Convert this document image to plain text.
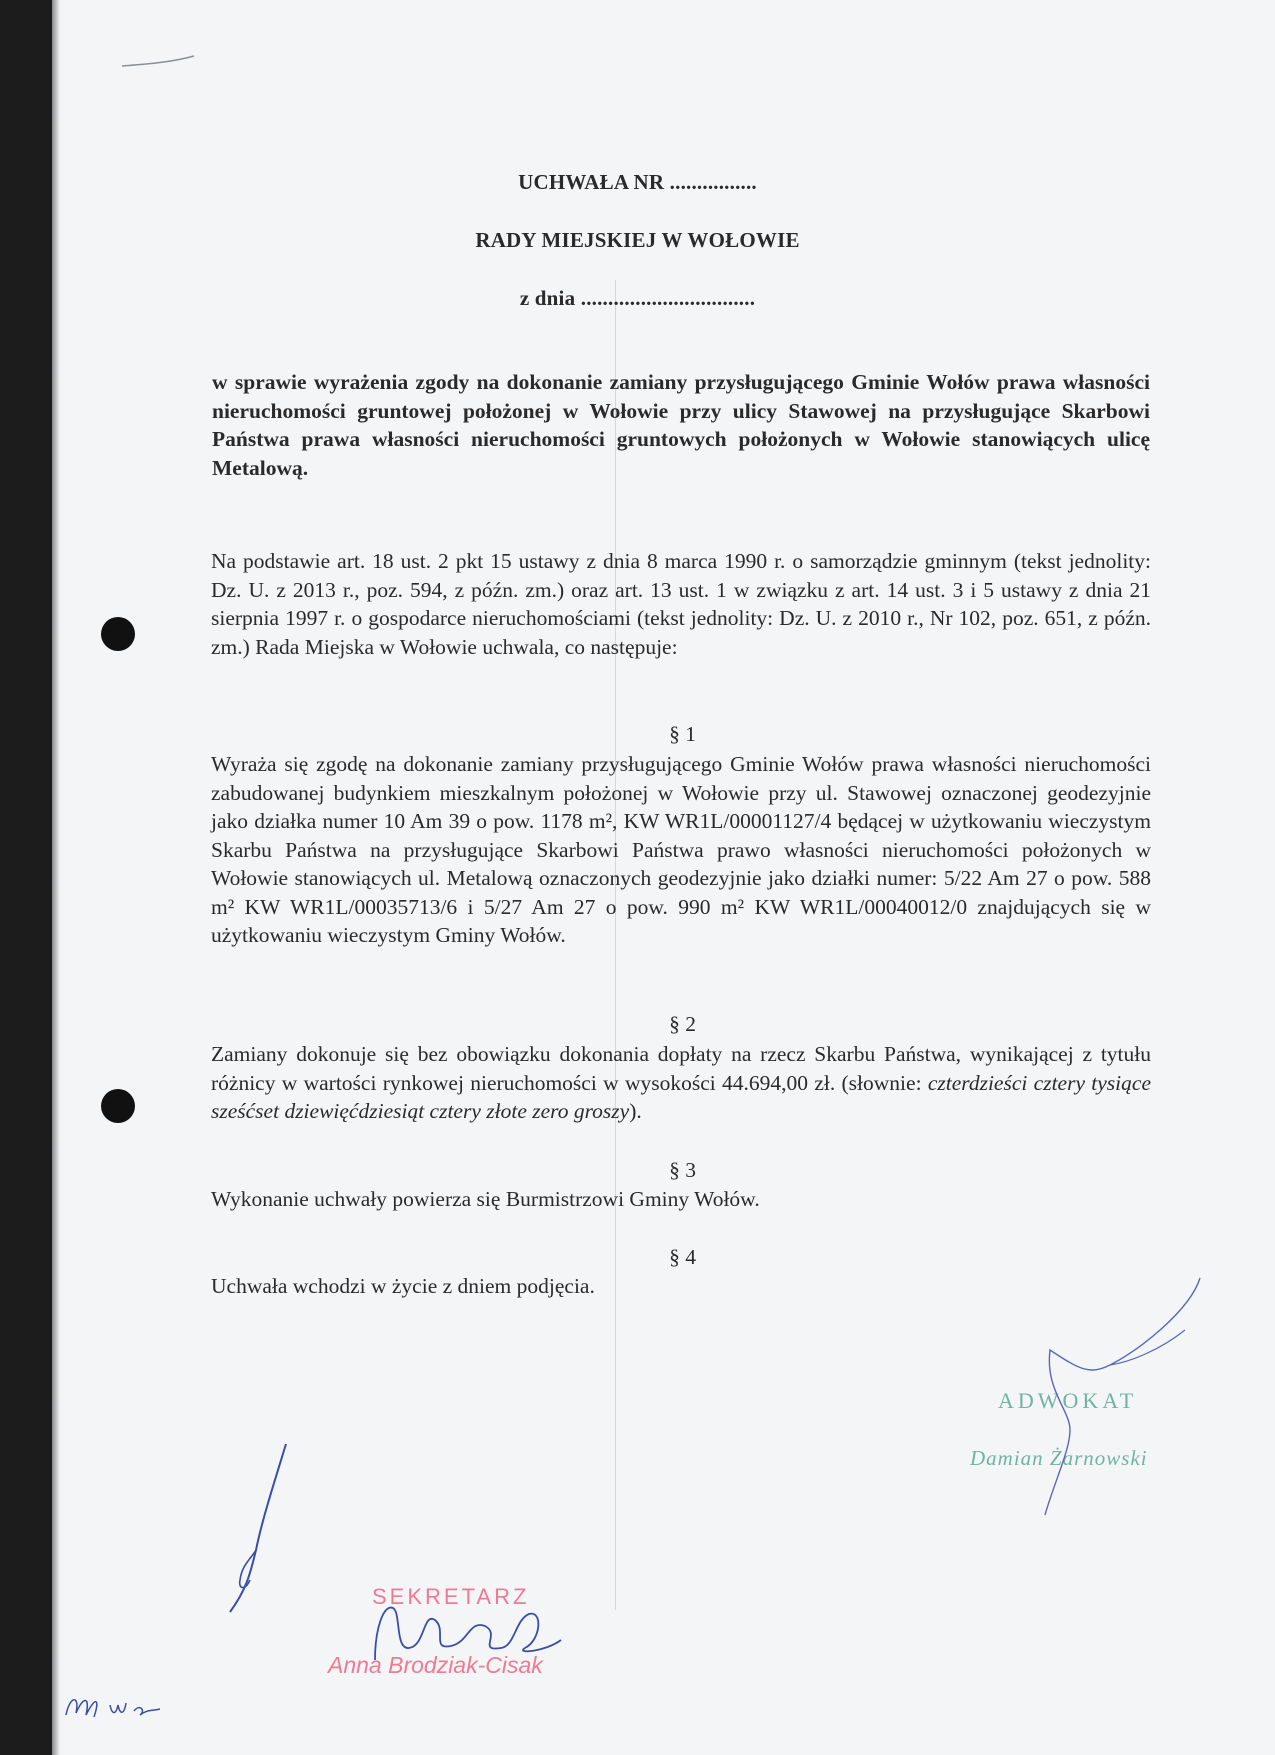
UCHWAŁA NR ................
RADY MIEJSKIEJ W WOŁOWIE
z dnia ................................
w sprawie wyrażenia zgody na dokonanie zamiany przysługującego Gminie Wołów prawa własności nieruchomości gruntowej położonej w Wołowie przy ulicy Stawowej na przysługujące Skarbowi Państwa prawa własności nieruchomości gruntowych położonych w Wołowie stanowiących ulicę Metalową.
Na podstawie art. 18 ust. 2 pkt 15 ustawy z dnia 8 marca 1990 r. o samorządzie gminnym (tekst jednolity: Dz. U. z 2013 r., poz. 594, z późn. zm.) oraz art. 13 ust. 1 w związku z art. 14 ust. 3 i 5 ustawy z dnia 21 sierpnia 1997 r. o gospodarce nieruchomościami (tekst jednolity: Dz. U. z 2010 r., Nr 102, poz. 651, z późn. zm.) Rada Miejska w Wołowie uchwala, co następuje:
§ 1
Wyraża się zgodę na dokonanie zamiany przysługującego Gminie Wołów prawa własności nieruchomości zabudowanej budynkiem mieszkalnym położonej w Wołowie przy ul. Stawowej oznaczonej geodezyjnie jako działka numer 10 Am 39 o pow. 1178 m², KW WR1L/00001127/4 będącej w użytkowaniu wieczystym Skarbu Państwa na przysługujące Skarbowi Państwa prawo własności nieruchomości położonych w Wołowie stanowiących ul. Metalową oznaczonych geodezyjnie jako działki numer: 5/22 Am 27 o pow. 588 m² KW WR1L/00035713/6 i 5/27 Am 27 o pow. 990 m² KW WR1L/00040012/0 znajdujących się w użytkowaniu wieczystym Gminy Wołów.
§ 2
Zamiany dokonuje się bez obowiązku dokonania dopłaty na rzecz Skarbu Państwa, wynikającej z tytułu różnicy w wartości rynkowej nieruchomości w wysokości 44.694,00 zł. (słownie: czterdzieści cztery tysiące sześćset dziewięćdziesiąt cztery złote zero groszy).
§ 3
Wykonanie uchwały powierza się Burmistrzowi Gminy Wołów.
§ 4
Uchwała wchodzi w życie z dniem podjęcia.
ADWOKAT
Damian Żarnowski
SEKRETARZ
Anna Brodziak-Cisak
